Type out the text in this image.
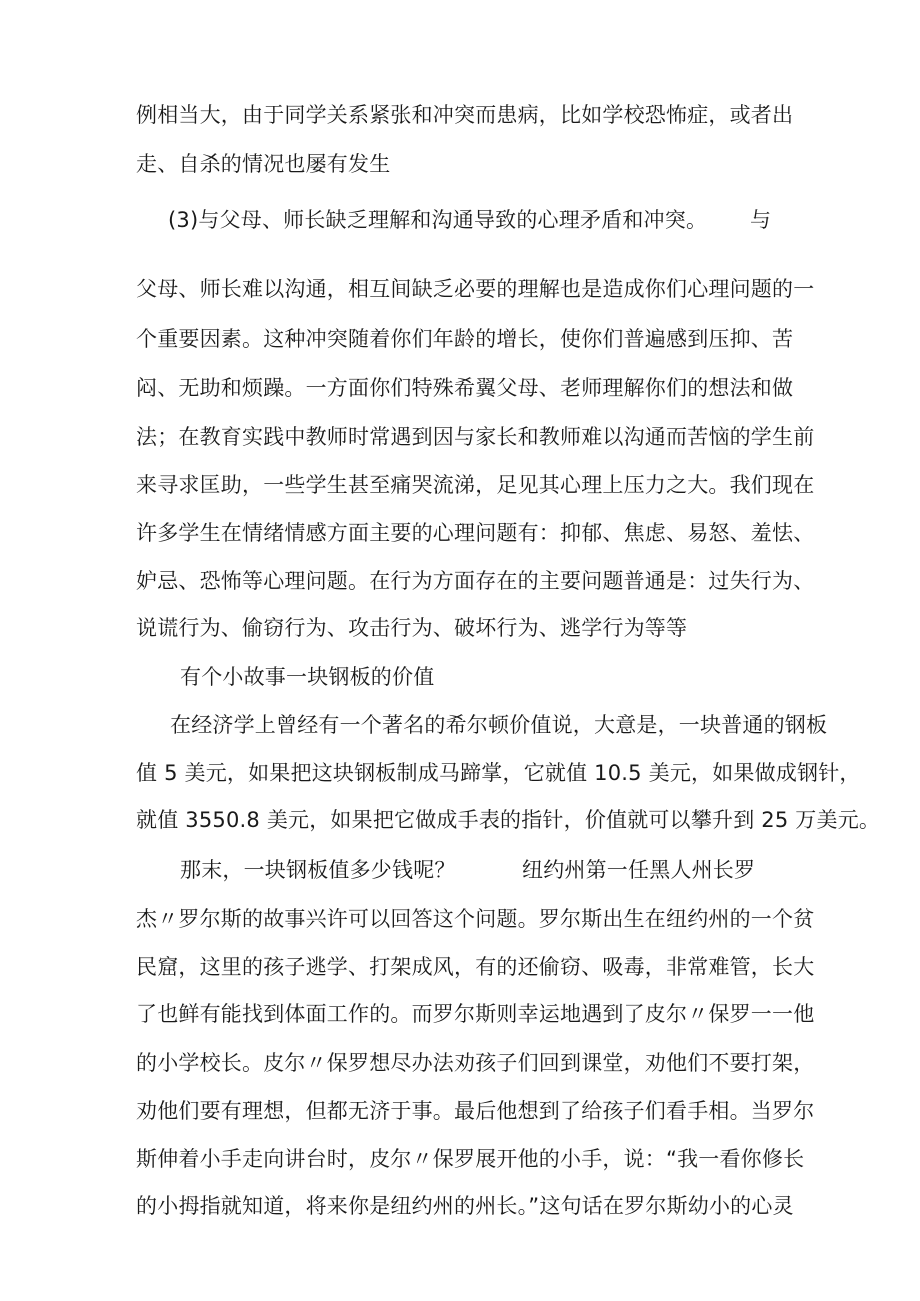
例相当大，由于同学关系紧张和冲突而患病，比如学校恐怖症，或者出
走、自杀的情况也屡有发生
(3)与父母、师长缺乏理解和沟通导致的心理矛盾和冲突。 与
父母、师长难以沟通，相互间缺乏必要的理解也是造成你们心理问题的一
个重要因素。这种冲突随着你们年龄的增长，使你们普遍感到压抑、苦
闷、无助和烦躁。一方面你们特殊希翼父母、老师理解你们的想法和做
法；在教育实践中教师时常遇到因与家长和教师难以沟通而苦恼的学生前
来寻求匡助，一些学生甚至痛哭流涕，足见其心理上压力之大。我们现在
许多学生在情绪情感方面主要的心理问题有：抑郁、焦虑、易怒、羞怯、
妒忌、恐怖等心理问题。在行为方面存在的主要问题普通是：过失行为、
说谎行为、偷窃行为、攻击行为、破坏行为、逃学行为等等
有个小故事一块钢板的价值
在经济学上曾经有一个著名的希尔顿价值说，大意是，一块普通的钢板
值 5 美元，如果把这块钢板制成马蹄掌，它就值 10.5 美元，如果做成钢针，
就值 3550.8 美元，如果把它做成手表的指针，价值就可以攀升到 25 万美元。
那末，一块钢板值多少钱呢？	纽约州第一任黑人州长罗
杰〃罗尔斯的故事兴许可以回答这个问题。罗尔斯出生在纽约州的一个贫
民窟，这里的孩子逃学、打架成风，有的还偷窃、吸毒，非常难管，长大
了也鲜有能找到体面工作的。而罗尔斯则幸运地遇到了皮尔〃保罗一一他
的小学校长。皮尔〃保罗想尽办法劝孩子们回到课堂，劝他们不要打架，
劝他们要有理想，但都无济于事。最后他想到了给孩子们看手相。当罗尔
斯伸着小手走向讲台时，皮尔〃保罗展开他的小手，说：“我一看你修长
的小拇指就知道，将来你是纽约州的州长。”这句话在罗尔斯幼小的心灵
